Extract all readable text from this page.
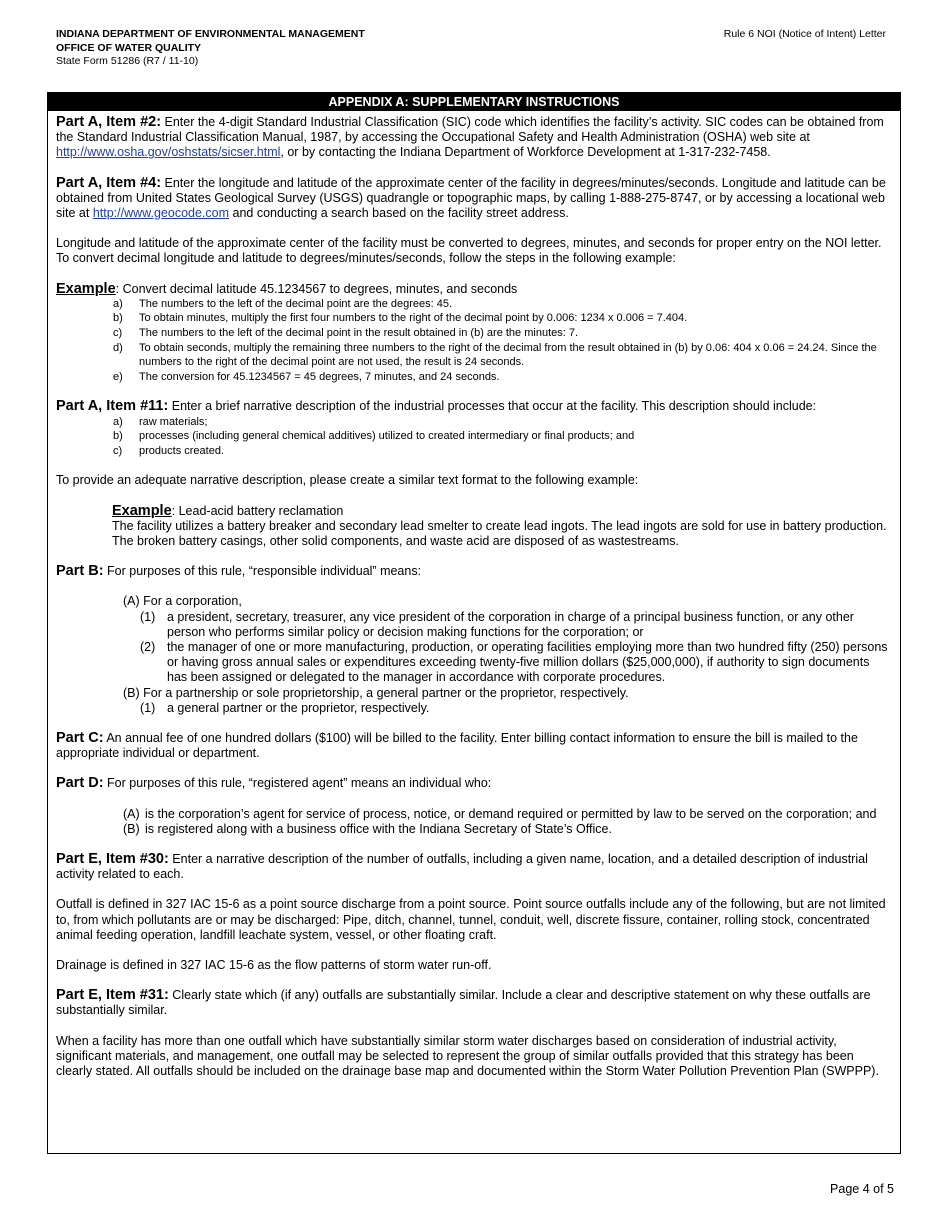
INDIANA DEPARTMENT OF ENVIRONMENTAL MANAGEMENT
OFFICE OF WATER QUALITY
State Form 51286 (R7 / 11-10)
Rule 6 NOI (Notice of Intent) Letter
APPENDIX A: SUPPLEMENTARY INSTRUCTIONS

Part A, Item #2: Enter the 4-digit Standard Industrial Classification (SIC) code which identifies the facility’s activity. SIC codes can be obtained from the Standard Industrial Classification Manual, 1987, by accessing the Occupational Safety and Health Administration (OSHA) web site at http://www.osha.gov/oshstats/sicser.html, or by contacting the Indiana Department of Workforce Development at 1-317-232-7458.

Part A, Item #4: Enter the longitude and latitude of the approximate center of the facility in degrees/minutes/seconds. Longitude and latitude can be obtained from United States Geological Survey (USGS) quadrangle or topographic maps, by calling 1-888-275-8747, or by accessing a locational web site at http://www.geocode.com and conducting a search based on the facility street address.

Longitude and latitude of the approximate center of the facility must be converted to degrees, minutes, and seconds for proper entry on the NOI letter. To convert decimal longitude and latitude to degrees/minutes/seconds, follow the steps in the following example:

Example: Convert decimal latitude 45.1234567 to degrees, minutes, and seconds

a)	The numbers to the left of the decimal point are the degrees: 45.
b)	To obtain minutes, multiply the first four numbers to the right of the decimal point by 0.006: 1234 x 0.006 = 7.404.
c)	The numbers to the left of the decimal point in the result obtained in (b) are the minutes: 7.
d)	To obtain seconds, multiply the remaining three numbers to the right of the decimal from the result obtained in (b) by 0.06: 404 x 0.06 = 24.24. Since the numbers to the right of the decimal point are not used, the result is 24 seconds.
e)	The conversion for 45.1234567 = 45 degrees, 7 minutes, and 24 seconds.

Part A, Item #11: Enter a brief narrative description of the industrial processes that occur at the facility. This description should include:

a)	raw materials;
b)	processes (including general chemical additives) utilized to created intermediary or final products; and
c)	products created.

To provide an adequate narrative description, please create a similar text format to the following example:

Example: Lead-acid battery reclamation

The facility utilizes a battery breaker and secondary lead smelter to create lead ingots. The lead ingots are sold for use in battery production. The broken battery casings, other solid components, and waste acid are disposed of as wastestreams.

Part B: For purposes of this rule, “responsible individual” means:

(A) For a corporation,
(1) a president, secretary, treasurer, any vice president of the corporation in charge of a principal business function, or any other person who performs similar policy or decision making functions for the corporation; or
(2) the manager of one or more manufacturing, production, or operating facilities employing more than two hundred fifty (250) persons or having gross annual sales or expenditures exceeding twenty-five million dollars ($25,000,000), if authority to sign documents has been assigned or delegated to the manager in accordance with corporate procedures.
(B) For a partnership or sole proprietorship, a general partner or the proprietor, respectively.
(1) a general partner or the proprietor, respectively.

Part C: An annual fee of one hundred dollars ($100) will be billed to the facility. Enter billing contact information to ensure the bill is mailed to the appropriate individual or department.

Part D: For purposes of this rule, “registered agent” means an individual who:

(A) is the corporation’s agent for service of process, notice, or demand required or permitted by law to be served on the corporation; and
(B) is registered along with a business office with the Indiana Secretary of State’s Office.

Part E, Item #30: Enter a narrative description of the number of outfalls, including a given name, location, and a detailed description of industrial activity related to each.

Outfall is defined in 327 IAC 15-6 as a point source discharge from a point source. Point source outfalls include any of the following, but are not limited to, from which pollutants are or may be discharged: Pipe, ditch, channel, tunnel, conduit, well, discrete fissure, container, rolling stock, concentrated animal feeding operation, landfill leachate system, vessel, or other floating craft.

Drainage is defined in 327 IAC 15-6 as the flow patterns of storm water run-off.

Part E, Item #31: Clearly state which (if any) outfalls are substantially similar. Include a clear and descriptive statement on why these outfalls are substantially similar.

When a facility has more than one outfall which have substantially similar storm water discharges based on consideration of industrial activity, significant materials, and management, one outfall may be selected to represent the group of similar outfalls provided that this strategy has been clearly stated. All outfalls should be included on the drainage base map and documented within the Storm Water Pollution Prevention Plan (SWPPP).

Page 4 of 5
